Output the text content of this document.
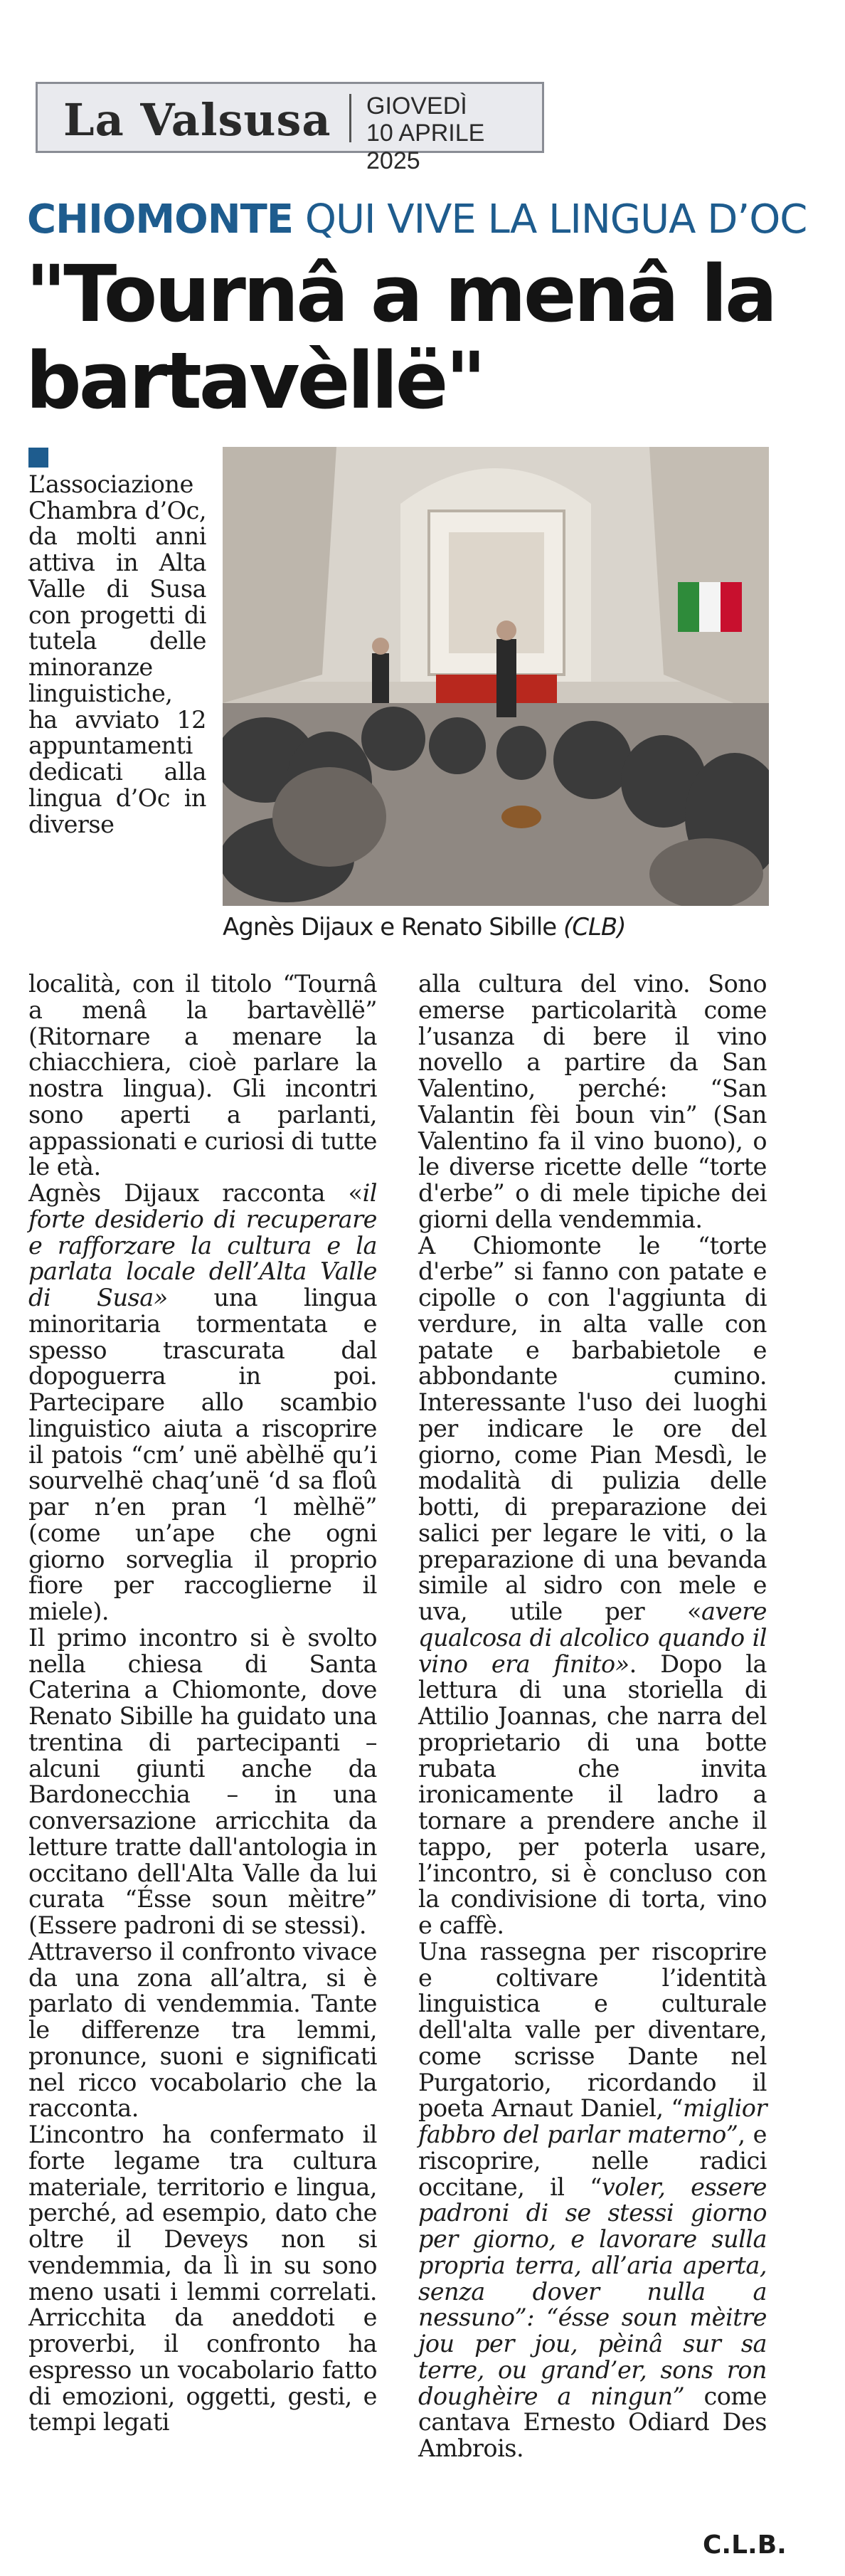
La Valsusa GIOVEDÌ
10 APRILE 2025
CHIOMONTE QUI VIVE LA LINGUA D’OC
"Tournâ a menâ la bartavèllë"
Agnès Dijaux e Renato Sibille (CLB)

L’associazione Chambra d’Oc, da molti anni attiva in Alta Valle di Susa con progetti di tutela delle minoranze linguistiche, ha avviato 12 appuntamenti dedicati alla lingua d’Oc in diverse

località, con il titolo “Tournâ a menâ la bartavèllë” (Ritornare a menare la chiacchiera, cioè parlare la nostra lingua). Gli incontri sono aperti a parlanti, appassionati e curiosi di tutte le età.

Agnès Dijaux racconta «il forte desiderio di recuperare e rafforzare la cultura e la parlata locale dell’Alta Valle di Susa» una lingua minoritaria tormentata e spesso trascurata dal dopoguerra in poi. Partecipare allo scambio linguistico aiuta a riscoprire il patois “cm’ unë abèlhë qu’i sourvelhë chaq’unë ‘d sa floû par n’en pran ‘l mèlhë” (come un’ape che ogni giorno sorveglia il proprio fiore per raccoglierne il miele).

Il primo incontro si è svolto nella chiesa di Santa Caterina a Chiomonte, dove Renato Sibille ha guidato una trentina di partecipanti – alcuni giunti anche da Bardonecchia – in una conversazione arricchita da letture tratte dall'antologia in occitano dell'Alta Valle da lui curata “Ésse soun mèitre” (Essere padroni di se stessi).

Attraverso il confronto vivace da una zona all’altra, si è parlato di vendemmia. Tante le differenze tra lemmi, pronunce, suoni e significati nel ricco vocabolario che la racconta.

L’incontro ha confermato il forte legame tra cultura materiale, territorio e lingua, perché, ad esempio, dato che oltre il Deveys non si vendemmia, da lì in su sono meno usati i lemmi correlati. Arricchita da aneddoti e proverbi, il confronto ha espresso un vocabolario fatto di emozioni, oggetti, gesti, e tempi legati

alla cultura del vino. Sono emerse particolarità come l’usanza di bere il vino novello a partire da San Valentino, perché: “San Valantin fèi boun vin” (San Valentino fa il vino buono), o le diverse ricette delle “torte d'erbe” o di mele tipiche dei giorni della vendemmia.

A Chiomonte le “torte d'erbe” si fanno con patate e cipolle o con l'aggiunta di verdure, in alta valle con patate e barbabietole e abbondante cumino. Interessante l'uso dei luoghi per indicare le ore del giorno, come Pian Mesdì, le modalità di pulizia delle botti, di preparazione dei salici per legare le viti, o la preparazione di una bevanda simile al sidro con mele e uva, utile per «avere qualcosa di alcolico quando il vino era finito». Dopo la lettura di una storiella di Attilio Joannas, che narra del proprietario di una botte rubata che invita ironicamente il ladro a tornare a prendere anche il tappo, per poterla usare, l’incontro, si è concluso con la condivisione di torta, vino e caffè.

Una rassegna per riscoprire e coltivare l’identità linguistica e culturale dell'alta valle per diventare, come scrisse Dante nel Purgatorio, ricordando il poeta Arnaut Daniel, “miglior fabbro del parlar materno”, e riscoprire, nelle radici occitane, il “voler, essere padroni di se stessi giorno per giorno, e lavorare sulla propria terra, all’aria aperta, senza dover nulla a nessuno”: “ésse soun mèitre jou per jou, pèinâ sur sa terre, ou grand’er, sons ron doughèire a ningun” come cantava Ernesto Odiard Des Ambrois.

C.L.B.
